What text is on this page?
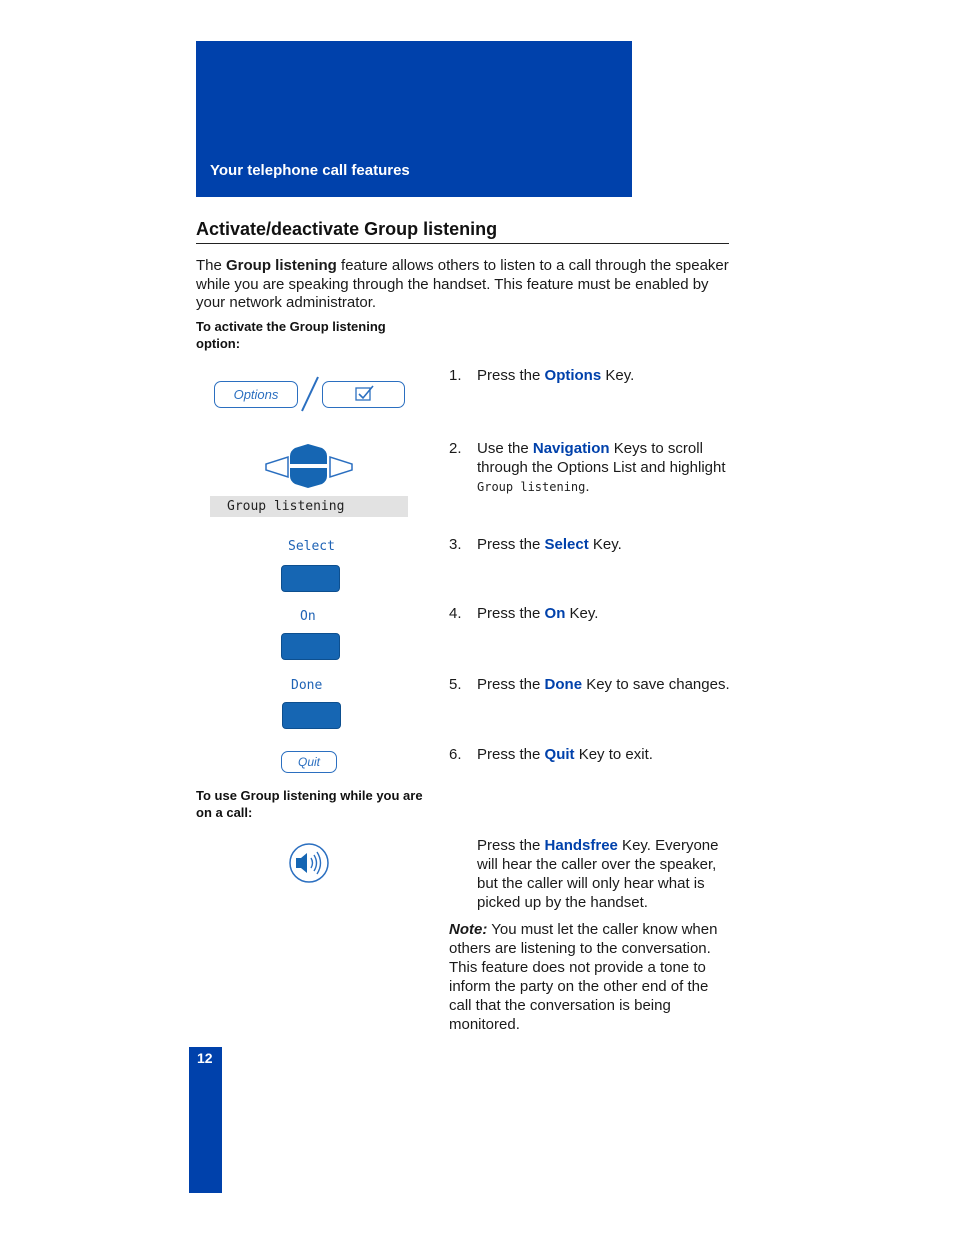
Your telephone call features
Activate/deactivate Group listening
The Group listening feature allows others to listen to a call through the speaker while you are speaking through the handset. This feature must be enabled by your network administrator.
To activate the Group listening option:
Options
Group listening
Select
On
Done
Quit
1. Press the Options Key.
2. Use the Navigation Keys to scroll through the Options List and highlight Group listening.
3. Press the Select Key.
4. Press the On Key.
5. Press the Done Key to save changes.
6. Press the Quit Key to exit.
To use Group listening while you are on a call:
Press the Handsfree Key. Everyone will hear the caller over the speaker, but the caller will only hear what is picked up by the handset.
Note: You must let the caller know when others are listening to the conversation. This feature does not provide a tone to inform the party on the other end of the call that the conversation is being monitored.
12
